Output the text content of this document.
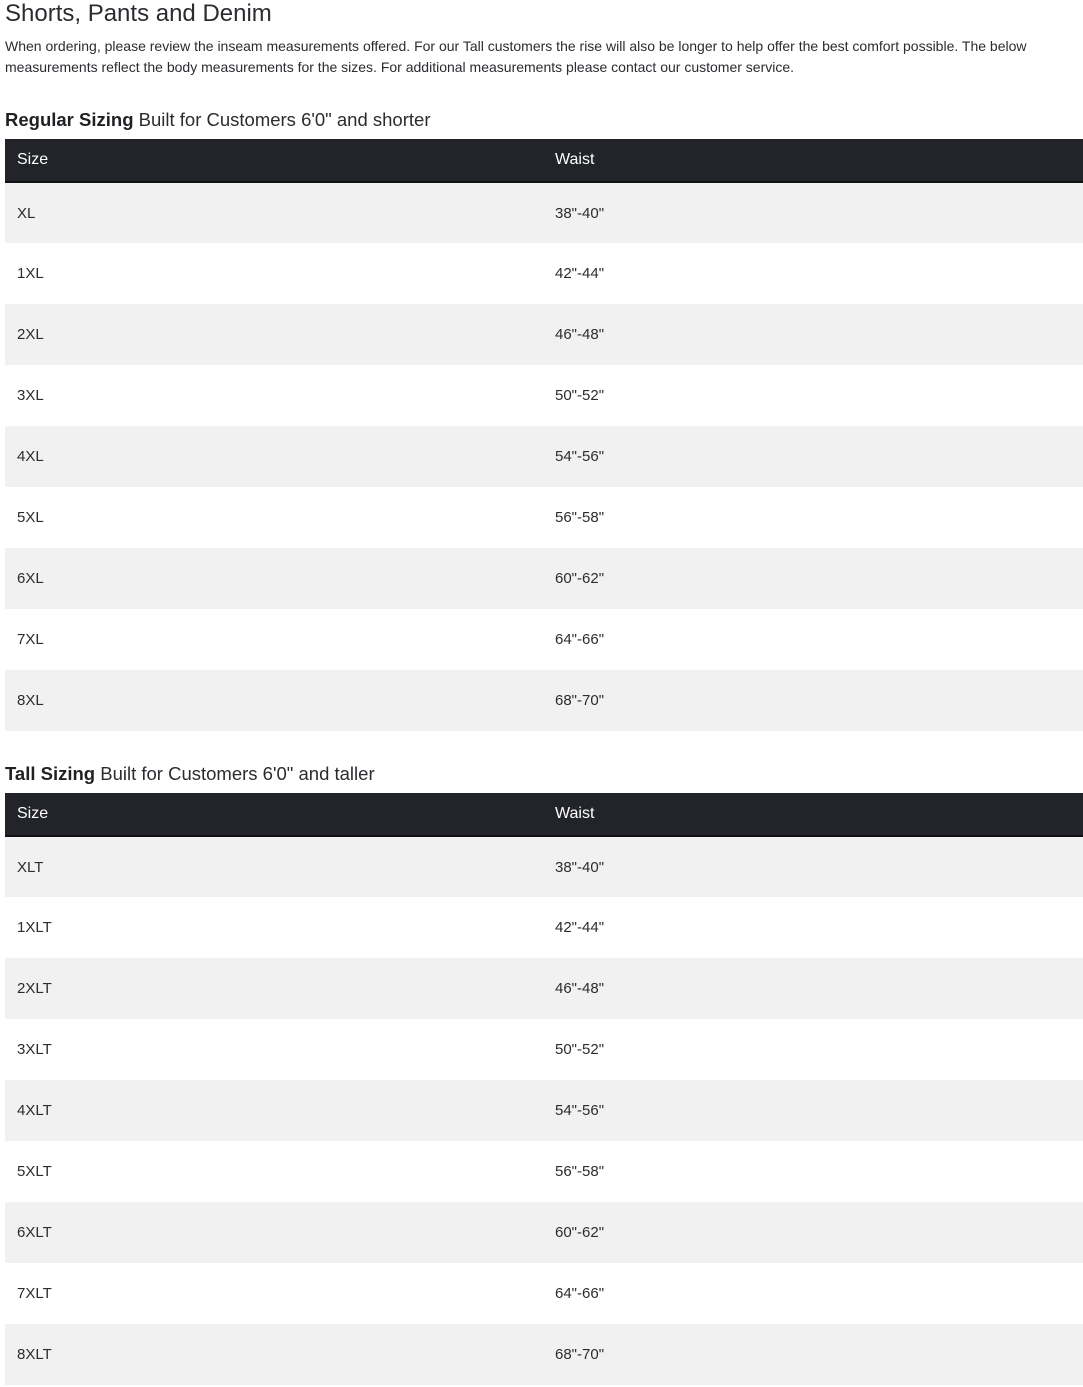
Shorts, Pants and Denim

When ordering, please review the inseam measurements offered. For our Tall customers the rise will also be longer to help offer the best comfort possible. The below measurements reflect the body measurements for the sizes. For additional measurements please contact our customer service.

Regular Sizing Built for Customers 6'0" and shorter
Size	Waist
XL	38"-40"
1XL	42"-44"
2XL	46"-48"
3XL	50"-52"
4XL	54"-56"
5XL	56"-58"
6XL	60"-62"
7XL	64"-66"
8XL	68"-70"
Tall Sizing Built for Customers 6'0" and taller
Size	Waist
XLT	38"-40"
1XLT	42"-44"
2XLT	46"-48"
3XLT	50"-52"
4XLT	54"-56"
5XLT	56"-58"
6XLT	60"-62"
7XLT	64"-66"
8XLT	68"-70"
